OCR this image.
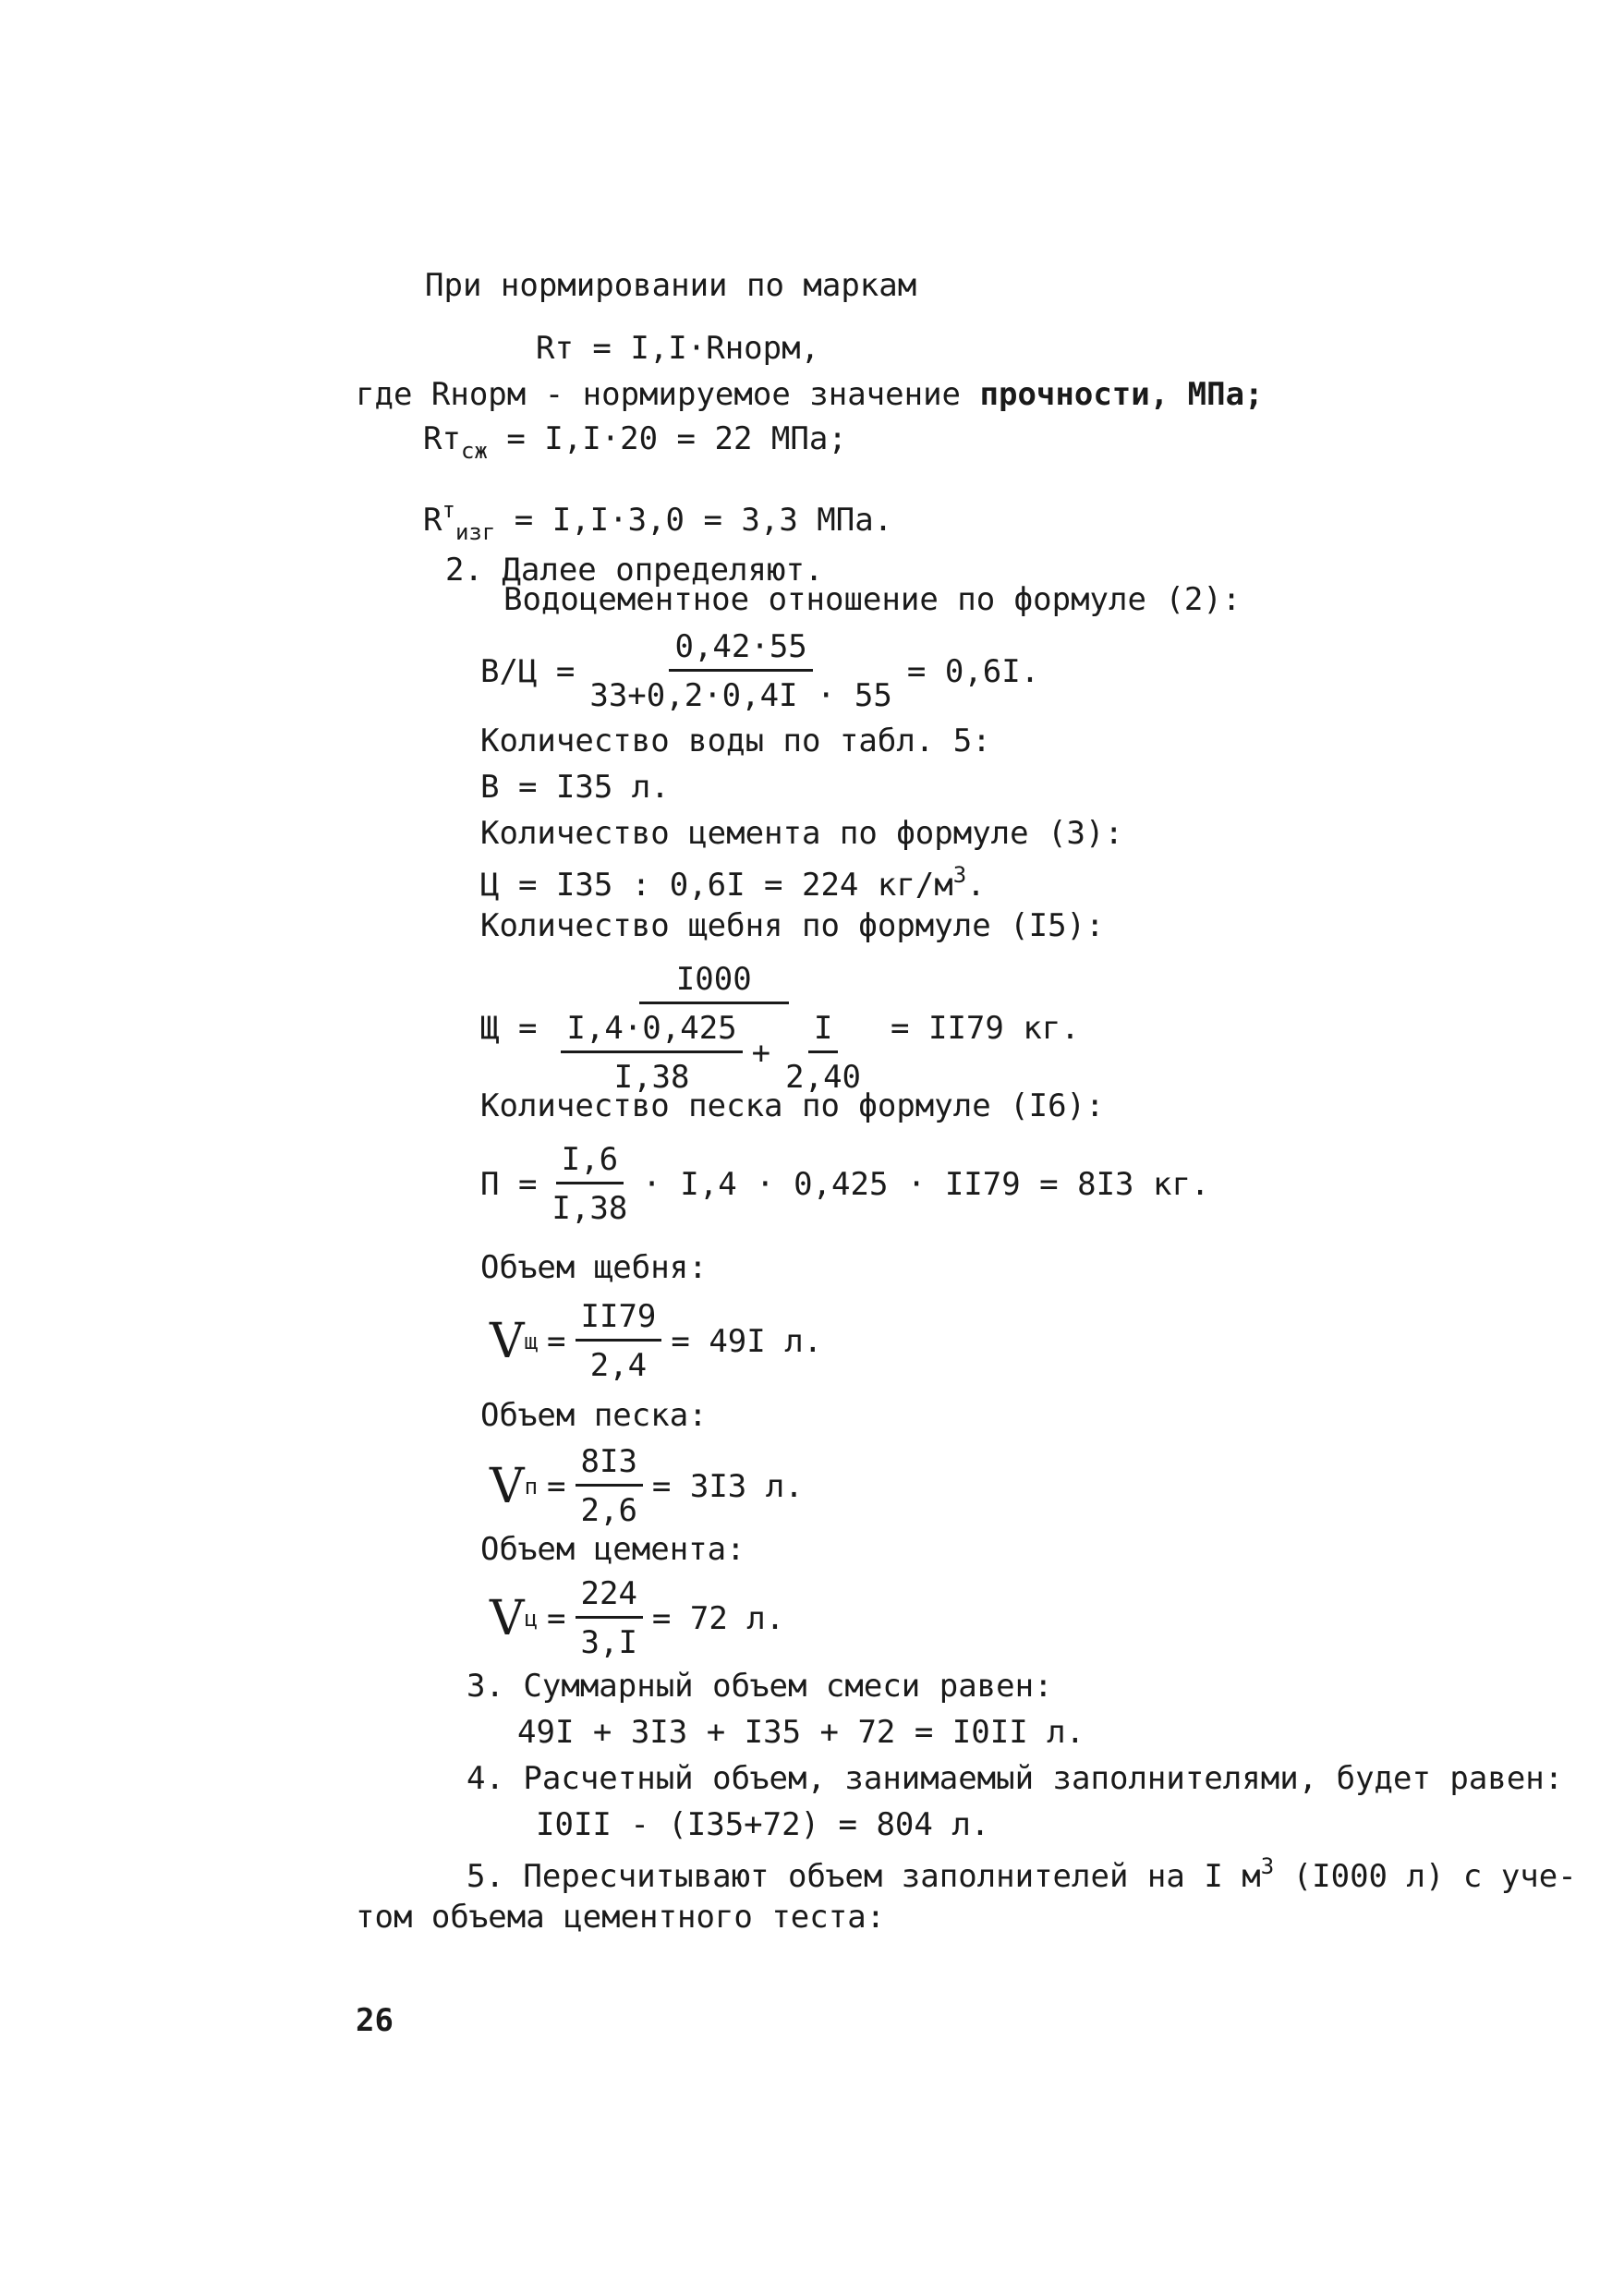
При нормировании по маркам
Rт = I,I·Rнорм,
где Rнорм - нормируемое значение прочности, МПа;
$Rт_{сж} = I,I\cdot 20 = 22$ МПа;
$R^т_{изг} = I,I\cdot 3,0 = 3,3$ МПа.
2. Далее определяют.
Водоцементное отношение по формуле (2):
$В/Ц = \frac{0,42\cdot 55}{33+0,2\cdot 0,4I \cdot 55} = 0,6I$.
Количество воды по табл. 5:
В = I35 л.
Количество цемента по формуле (3):
Ц = I35 : 0,6I = 224 $кг/м^3$.
Количество щебня по формуле (I5):
Щ =
I000
$\frac{I,4\cdot 0,425}{I,38} + \frac{I}{2,40} = II79$ кг.
Количество песка по формуле (I6):
$П = \frac{I,6}{I,38} \cdot I,4 \cdot 0,425 \cdot II79 = 8I3$ кг.
Объем щебня:
V $щ = \frac{II79}{2,4} = 49I$ л.
Объем песка:
V $п = \frac{8I3}{2,6} = 3I3$ л.
Объем цемента:
V $ц = \frac{224}{3,I} = 72$ л.
3. Суммарный объем смеси равен:
49I + 3I3 + I35 + 72 = I0II л.
4. Расчетный объем, занимаемый заполнителями, будет равен:
I0II - (I35+72) = 804 л.
5. Пересчитывают объем заполнителей на I $м^3$ (I000 л) с уче-
том объема цементного теста:
26
